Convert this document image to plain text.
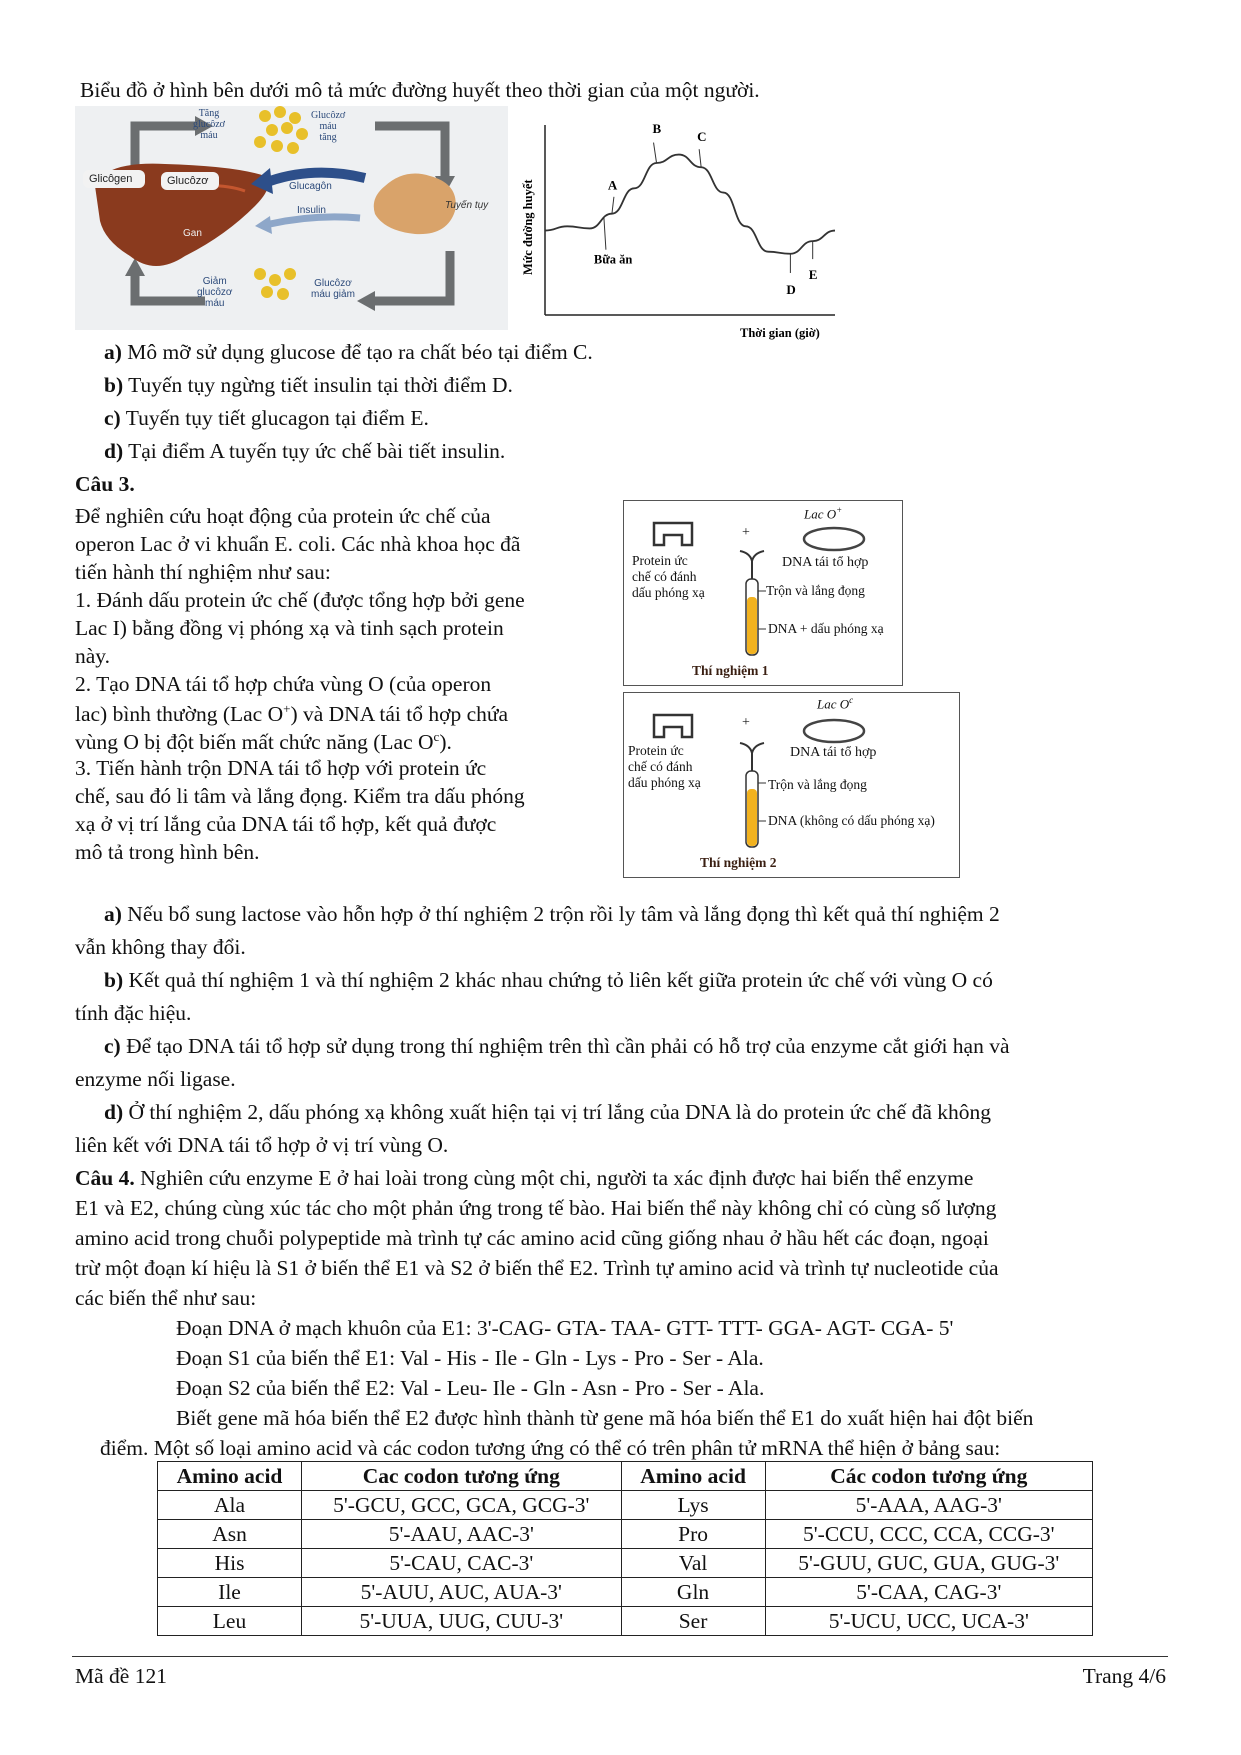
Biểu đồ ở hình bên dưới mô tả mức đường huyết theo thời gian của một người.
Tăng
glucôzơ
máu
Glucôzơ
máu
tăng
Glicôgen	Glucôzơ	Glucagôn
Insulin
Gan
Tuyến tụy
Giảm
glucôzơ
máu
Glucôzơ
máu giảm
A
B
C
D
E
Bữa ăn
Mức đường huyết
Thời gian (giờ)
a) Mô mỡ sử dụng glucose để tạo ra chất béo tại điểm C.
b) Tuyến tụy ngừng tiết insulin tại thời điểm D.
c) Tuyến tụy tiết glucagon tại điểm E.
d) Tại điểm A tuyến tụy ức chế bài tiết insulin.
Câu 3.
Để nghiên cứu hoạt động của protein ức chế của
operon Lac ở vi khuẩn E. coli. Các nhà khoa học đã
tiến hành thí nghiệm như sau:
1. Đánh dấu protein ức chế (được tổng hợp bởi gene
Lac I) bằng đồng vị phóng xạ và tinh sạch protein
này.
2. Tạo DNA tái tổ hợp chứa vùng O (của operon
lac) bình thường (Lac O+) và DNA tái tổ hợp chứa
vùng O bị đột biến mất chức năng (Lac $O^c$).
3. Tiến hành trộn DNA tái tổ hợp với protein ức
chế, sau đó li tâm và lắng đọng. Kiểm tra dấu phóng
xạ ở vị trí lắng của DNA tái tổ hợp, kết quả được
mô tả trong hình bên.
Lac O+
+
Protein ức
chế có đánh
dấu phóng xạ
DNA tái tổ hợp
Trộn và lắng đọng
DNA + dấu phóng xạ
Thí nghiệm 1
Lac $O^c$
+
Protein ức
chế có đánh
dấu phóng xạ
DNA tái tổ hợp
Trộn và lắng đọng
DNA (không có dấu phóng xạ)
Thí nghiệm 2
a) Nếu bổ sung lactose vào hỗn hợp ở thí nghiệm 2 trộn rồi ly tâm và lắng đọng thì kết quả thí nghiệm 2
vẫn không thay đổi.
b) Kết quả thí nghiệm 1 và thí nghiệm 2 khác nhau chứng tỏ liên kết giữa protein ức chế với vùng O có
tính đặc hiệu.
c) Để tạo DNA tái tổ hợp sử dụng trong thí nghiệm trên thì cần phải có hỗ trợ của enzyme cắt giới hạn và
enzyme nối ligase.
d) Ở thí nghiệm 2, dấu phóng xạ không xuất hiện tại vị trí lắng của DNA là do protein ức chế đã không
liên kết với DNA tái tổ hợp ở vị trí vùng O.
Câu 4. Nghiên cứu enzyme E ở hai loài trong cùng một chi, người ta xác định được hai biến thể enzyme
E1 và E2, chúng cùng xúc tác cho một phản ứng trong tế bào. Hai biến thể này không chỉ có cùng số lượng
amino acid trong chuỗi polypeptide mà trình tự các amino acid cũng giống nhau ở hầu hết các đoạn, ngoại
trừ một đoạn kí hiệu là S1 ở biến thể E1 và S2 ở biến thể E2. Trình tự amino acid và trình tự nucleotide của
các biến thể như sau:
Đoạn DNA ở mạch khuôn của E1: 3'-CAG- GTA- TAA- GTT- TTT- GGA- AGT- CGA- 5'
Đoạn S1 của biến thể E1: Val - His - Ile - Gln - Lys - Pro - Ser - Ala.
Đoạn S2 của biến thể E2: Val - Leu- Ile - Gln - Asn - Pro - Ser - Ala.
Biết gene mã hóa biến thể E2 được hình thành từ gene mã hóa biến thể E1 do xuất hiện hai đột biến
điểm. Một số loại amino acid và các codon tương ứng có thể có trên phân tử mRNA thể hiện ở bảng sau:
Amino acid	Cac codon tương ứng	Amino acid	Các codon tương ứng
Ala	5'-GCU, GCC, GCA, GCG-3'	Lys	5'-AAA, AAG-3'
Asn	5'-AAU, AAC-3'	Pro	5'-CCU, CCC, CCA, CCG-3'
His	5'-CAU, CAC-3'	Val	5'-GUU, GUC, GUA, GUG-3'
Ile	5'-AUU, AUC, AUA-3'	Gln	5'-CAA, CAG-3'
Leu	5'-UUA, UUG, CUU-3'	Ser	5'-UCU, UCC, UCA-3'
Mã đề 121	Trang 4/6
